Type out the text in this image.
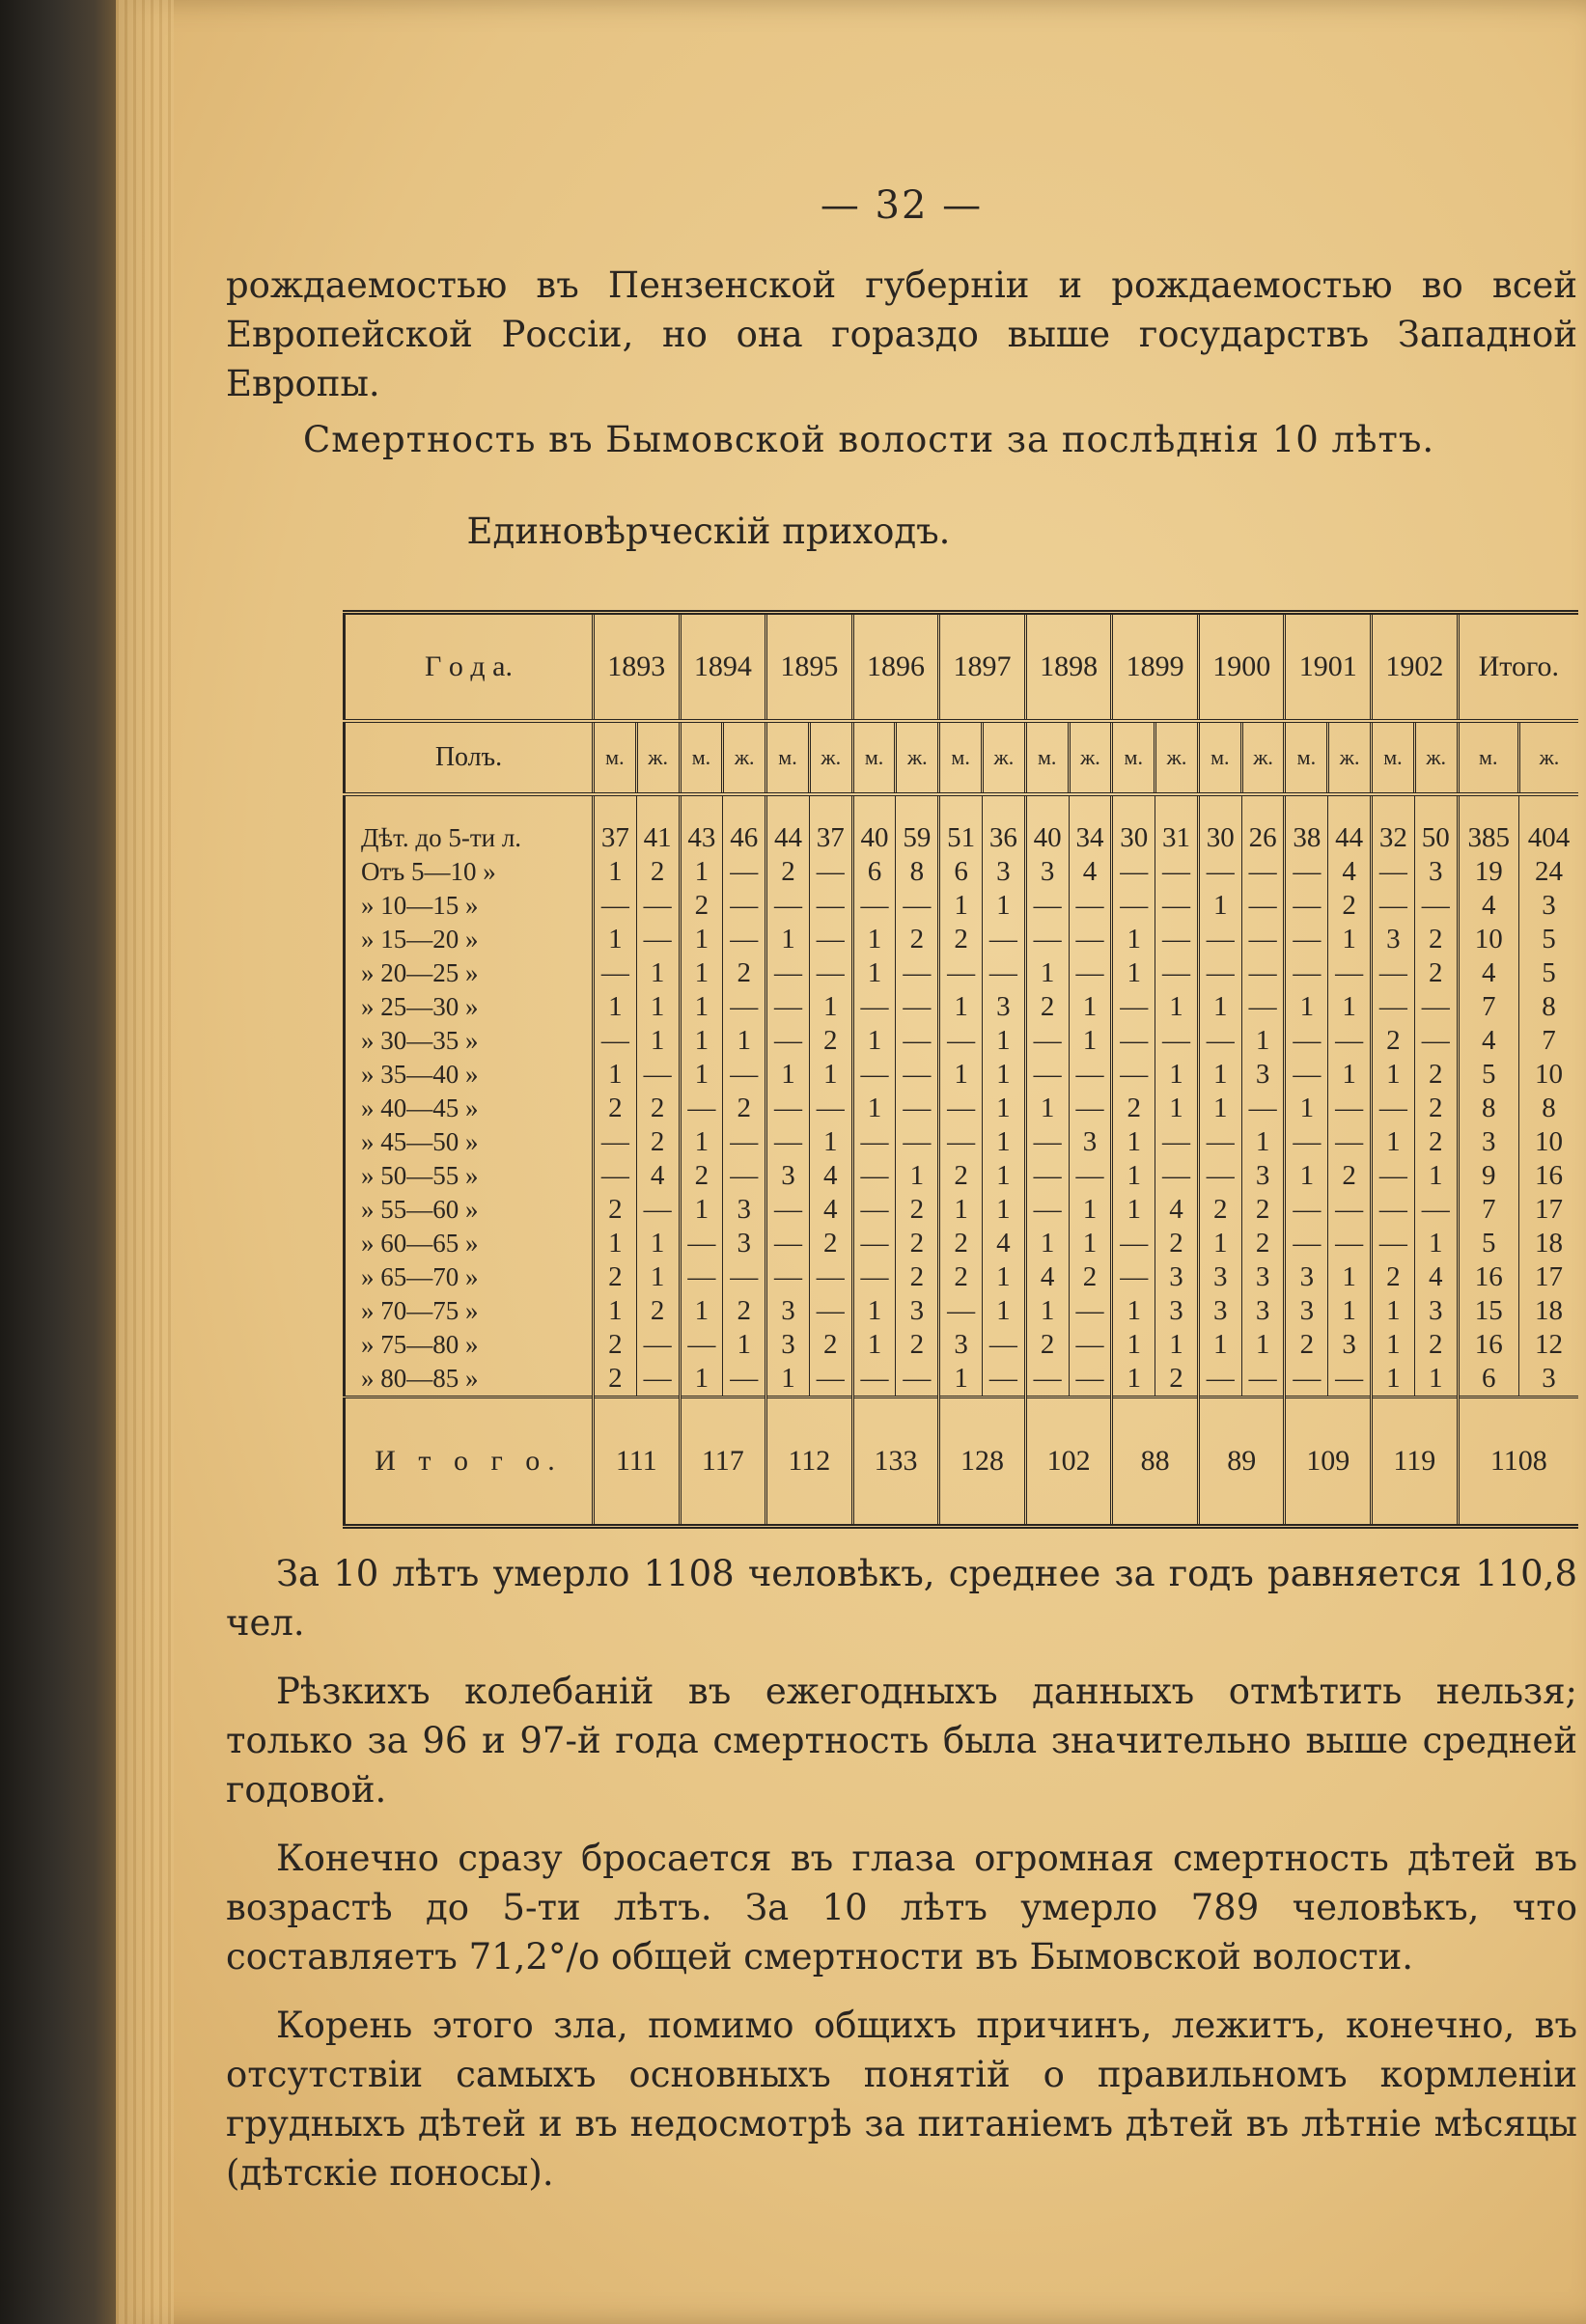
— 32 —

рождаемостью въ Пензенской губерніи и рождаемостью во всей Европейской Россіи, но она гораздо выше государствъ Западной Европы.

Смертность въ Бымовской волости за послѣднія 10 лѣтъ.
Единовѣрческій приходъ.
Г о д а.	1893		1894		1895		1896		1897		1898		1899		1900		1901		1902		Итого.	
Полъ.	м.	ж.	м.	ж.	м.	ж.	м.	ж.	м.	ж.	м.	ж.	м.	ж.	м.	ж.	м.	ж.	м.	ж.	м.	ж.

Дѣт. до 5-ти л.	37	41	43	46	44	37	40	59	51	36	40	34	30	31	30	26	38	44	32	50	385	404
Отъ 5—10 »	1	2	1	—	2	—	6	8	6	3	3	4	—	—	—	—	—	4	—	3	19	24
» 10—15 »	—	—	2	—	—	—	—	—	1	1	—	—	—	—	1	—	—	2	—	—	4	3
» 15—20 »	1	—	1	—	1	—	1	2	2	—	—	—	1	—	—	—	—	1	3	2	10	5
» 20—25 »	—	1	1	2	—	—	1	—	—	—	1	—	1	—	—	—	—	—	—	2	4	5
» 25—30 »	1	1	1	—	—	1	—	—	1	3	2	1	—	1	1	—	1	1	—	—	7	8
» 30—35 »	—	1	1	1	—	2	1	—	—	1	—	1	—	—	—	1	—	—	2	—	4	7
» 35—40 »	1	—	1	—	1	1	—	—	1	1	—	—	—	1	1	3	—	1	1	2	5	10
» 40—45 »	2	2	—	2	—	—	1	—	—	1	1	—	2	1	1	—	1	—	—	2	8	8
» 45—50 »	—	2	1	—	—	1	—	—	—	1	—	3	1	—	—	1	—	—	1	2	3	10
» 50—55 »	—	4	2	—	3	4	—	1	2	1	—	—	1	—	—	3	1	2	—	1	9	16
» 55—60 »	2	—	1	3	—	4	—	2	1	1	—	1	1	4	2	2	—	—	—	—	7	17
» 60—65 »	1	1	—	3	—	2	—	2	2	4	1	1	—	2	1	2	—	—	—	1	5	18
» 65—70 »	2	1	—	—	—	—	—	2	2	1	4	2	—	3	3	3	3	1	2	4	16	17
» 70—75 »	1	2	1	2	3	—	1	3	—	1	1	—	1	3	3	3	3	1	1	3	15	18
» 75—80 »	2	—	—	1	3	2	1	2	3	—	2	—	1	1	1	1	2	3	1	2	16	12
» 80—85 »	2	—	1	—	1	—	—	—	1	—	—	—	1	2	—	—	—	—	1	1	6	3
И т о г о.	111		117		112		133		128		102		88		89		109		119		1108	

За 10 лѣтъ умерло 1108 человѣкъ, среднее за годъ равняется 110,8 чел.

Рѣзкихъ колебаній въ ежегодныхъ данныхъ отмѣтить нельзя; только за 96 и 97-й года смертность была значительно выше средней годовой.

Конечно сразу бросается въ глаза огромная смертность дѣтей въ возрастѣ до 5-ти лѣтъ. За 10 лѣтъ умерло 789 человѣкъ, что составляетъ 71,2°/о общей смертности въ Бымовской волости.

Корень этого зла, помимо общихъ причинъ, лежитъ, конечно, въ отсутствіи самыхъ основныхъ понятій о правильномъ кормленіи грудныхъ дѣтей и въ недосмотрѣ за питаніемъ дѣтей въ лѣтніе мѣсяцы (дѣтскіе поносы).
